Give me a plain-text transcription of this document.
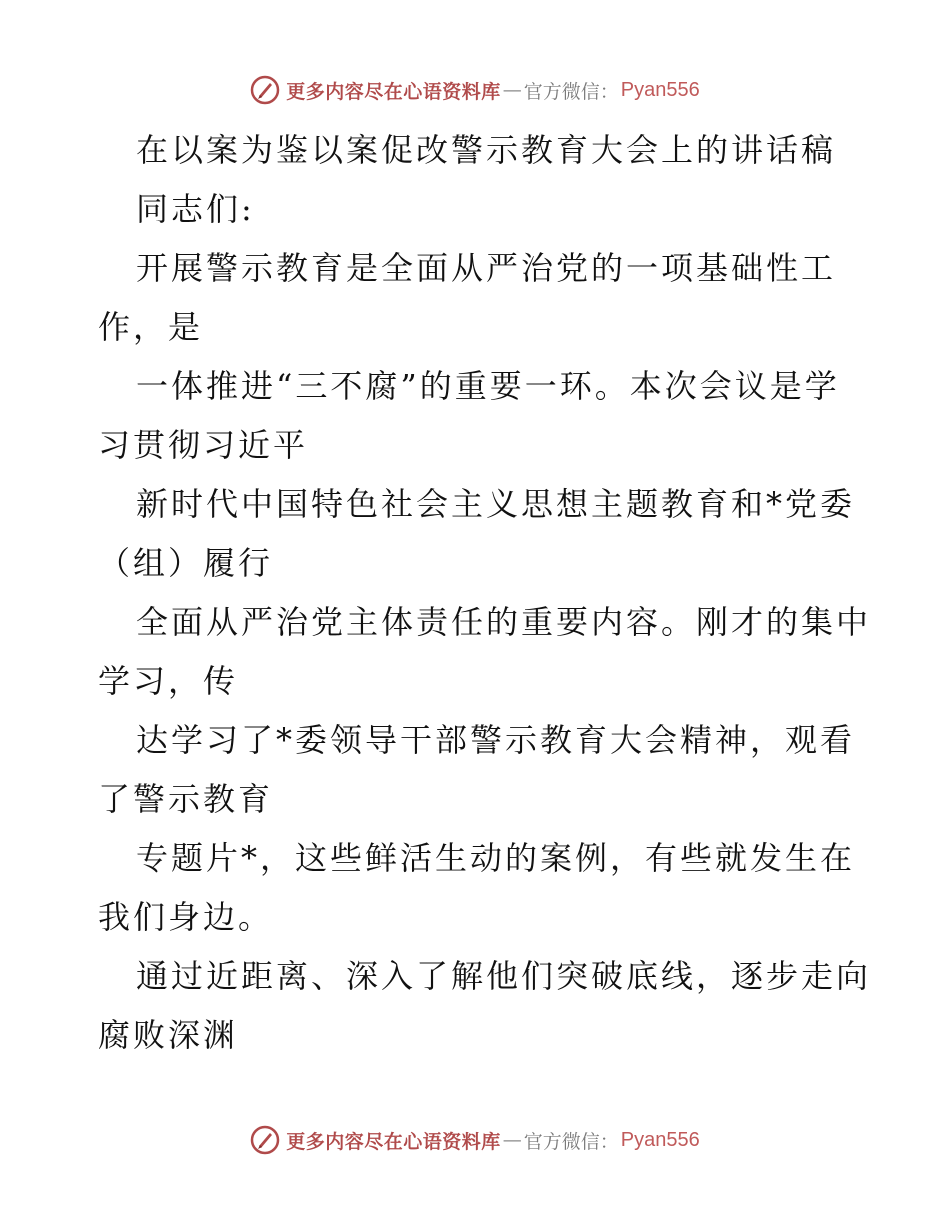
更多内容尽在心语资料库 — 官方微信： Pyan556
在以案为鉴以案促改警示教育大会上的讲话稿
同志们:
开展警示教育是全面从严治党的一项基础性工
作，是
一体推进“三不腐”的重要一环。本次会议是学
习贯彻习近平
新时代中国特色社会主义思想主题教育和*党委
（组）履行
全面从严治党主体责任的重要内容。刚才的集中
学习，传
达学习了*委领导干部警示教育大会精神，观看
了警示教育
专题片*，这些鲜活生动的案例，有些就发生在
我们身边。
通过近距离、深入了解他们突破底线，逐步走向
腐败深渊
更多内容尽在心语资料库 — 官方微信： Pyan556
